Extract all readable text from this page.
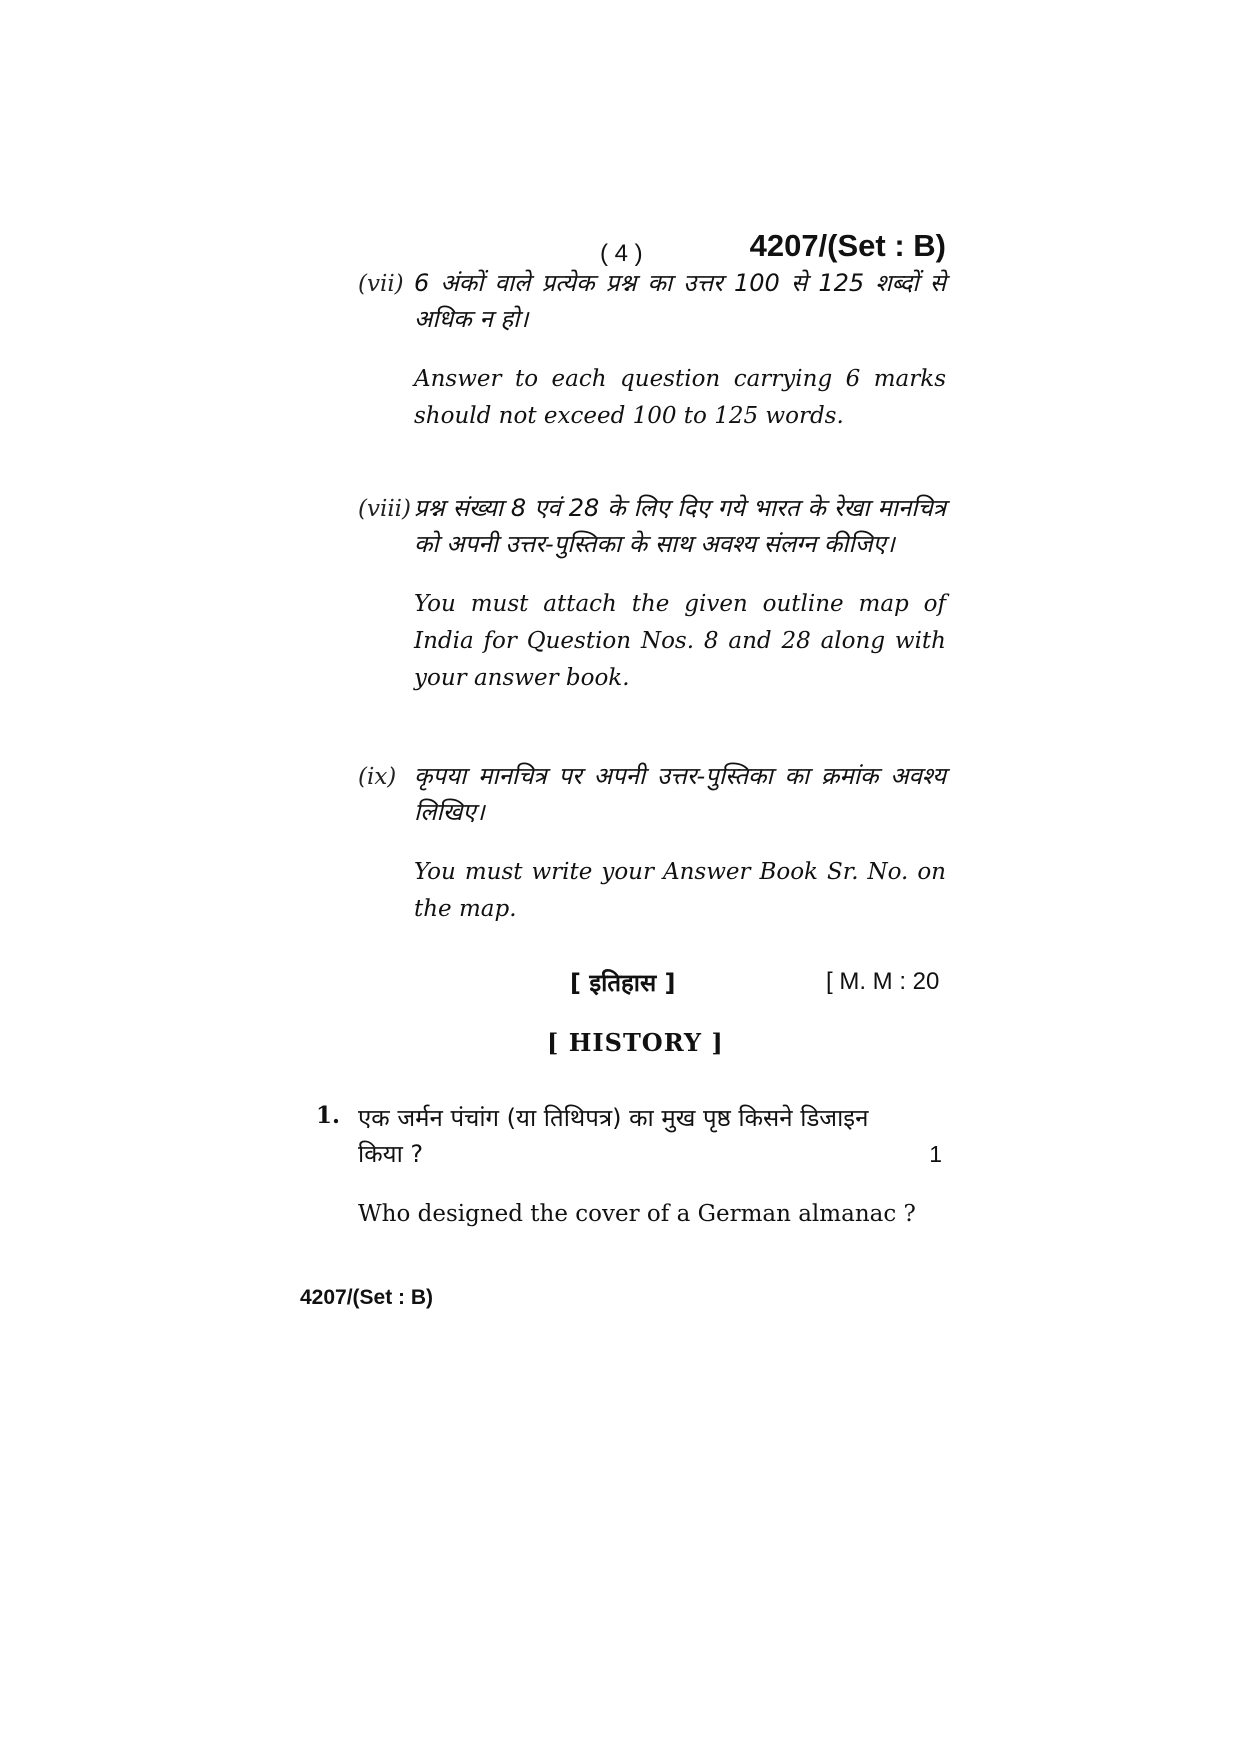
( 4 )	4207/(Set : B)
(vii) 6 अंकों वाले प्रत्येक प्रश्न का उत्तर 100 से 125 शब्दों से अधिक न हो।
Answer to each question carrying 6 marks should not exceed 100 to 125 words.
(viii) प्रश्न संख्या 8 एवं 28 के लिए दिए गये भारत के रेखा मानचित्र को अपनी उत्तर-पुस्तिका के साथ अवश्य संलग्न कीजिए।
You must attach the given outline map of India for Question Nos. 8 and 28 along with your answer book.
(ix) कृपया मानचित्र पर अपनी उत्तर-पुस्तिका का क्रमांक अवश्य लिखिए।
You must write your Answer Book Sr. No. on the map.
[ इतिहास ]	[ M. M : 20
[ HISTORY ]
1. एक जर्मन पंचांग (या तिथिपत्र) का मुख पृष्ठ किसने डिजाइन
किया ?	1
Who designed the cover of a German almanac ?
4207/(Set : B)
